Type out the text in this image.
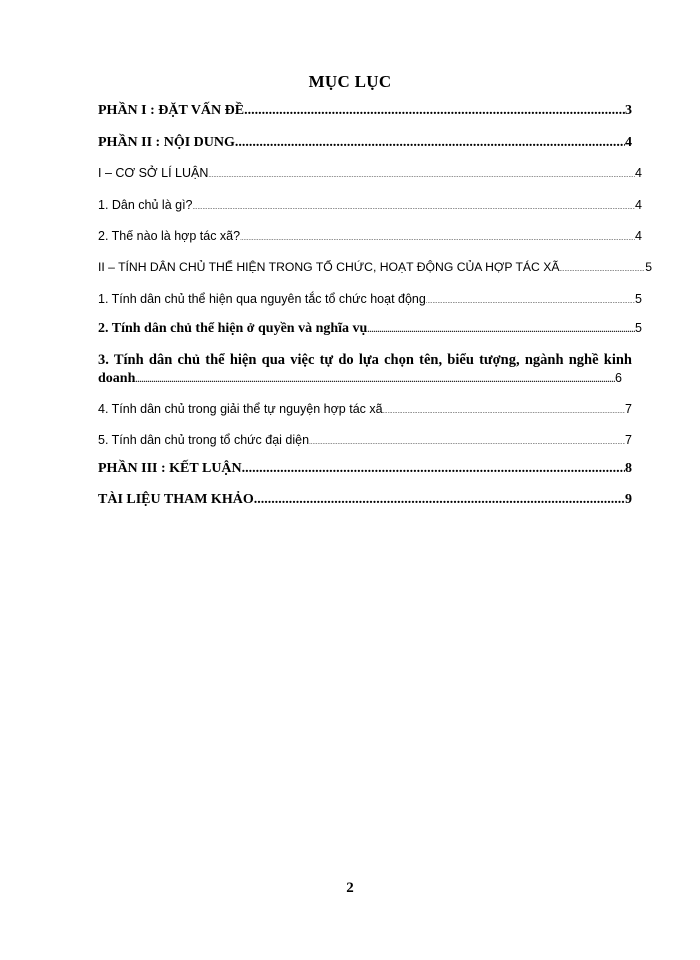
MỤC LỤC
PHẦN I : ĐẶT VẤN ĐỀ .....	3
PHẦN II : NỘI DUNG .....	4
I – CƠ SỞ LÍ LUẬN .....	4
1. Dân chủ là gì? .....	4
2. Thế nào là hợp tác xã? .....	4
II – TÍNH DÂN CHỦ THỂ HIỆN TRONG TỔ CHỨC, HOẠT ĐỘNG CỦA HỢP TÁC XÃ .....	5
1. Tính dân chủ thể hiện qua nguyên tắc tổ chức hoạt động .....	5
2. Tính dân chủ thể hiện ở quyền và nghĩa vụ .....	5
3. Tính dân chủ thể hiện qua việc tự do lựa chọn tên, biểu tượng, ngành nghề kinh
doanh .....	6
4. Tính dân chủ trong giải thể tự nguyện hợp tác xã .....	7
5. Tính dân chủ trong tổ chức đại diện .....	7
PHẦN III : KẾT LUẬN .....	8
TÀI LIỆU THAM KHẢO .....	9
2
